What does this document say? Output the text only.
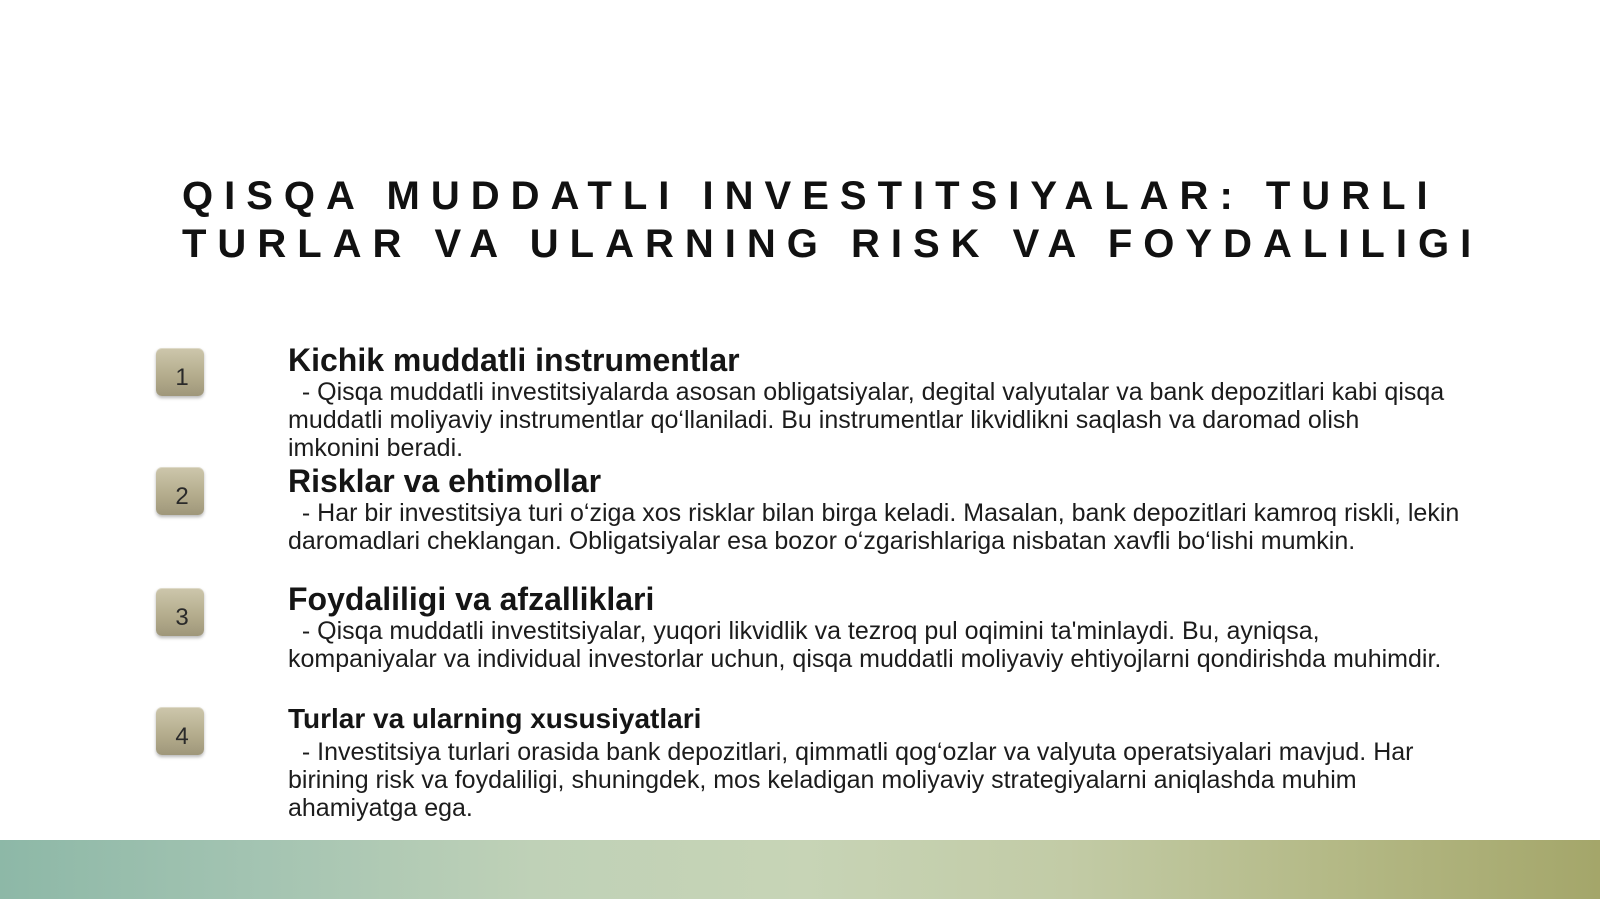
QISQA MUDDATLI INVESTITSIYALAR: TURLI TURLAR VA ULARNING RISK VA FOYDALILIGI
1	Kichik muddatli instrumentlar
- Qisqa muddatli investitsiyalarda asosan obligatsiyalar, degital valyutalar va bank depozitlari kabi qisqa
muddatli moliyaviy instrumentlar qo‘llaniladi. Bu instrumentlar likvidlikni saqlash va daromad olish
imkonini beradi.
2	Risklar va ehtimollar
- Har bir investitsiya turi o‘ziga xos risklar bilan birga keladi. Masalan, bank depozitlari kamroq riskli, lekin
daromadlari cheklangan. Obligatsiyalar esa bozor o‘zgarishlariga nisbatan xavfli bo‘lishi mumkin.
3
Foydaliligi va afzalliklari
- Qisqa muddatli investitsiyalar, yuqori likvidlik va tezroq pul oqimini ta'minlaydi. Bu, ayniqsa,
kompaniyalar va individual investorlar uchun, qisqa muddatli moliyaviy ehtiyojlarni qondirishda muhimdir.
4
Turlar va ularning xususiyatlari
- Investitsiya turlari orasida bank depozitlari, qimmatli qog‘ozlar va valyuta operatsiyalari mavjud. Har
birining risk va foydaliligi, shuningdek, mos keladigan moliyaviy strategiyalarni aniqlashda muhim
ahamiyatga ega.
